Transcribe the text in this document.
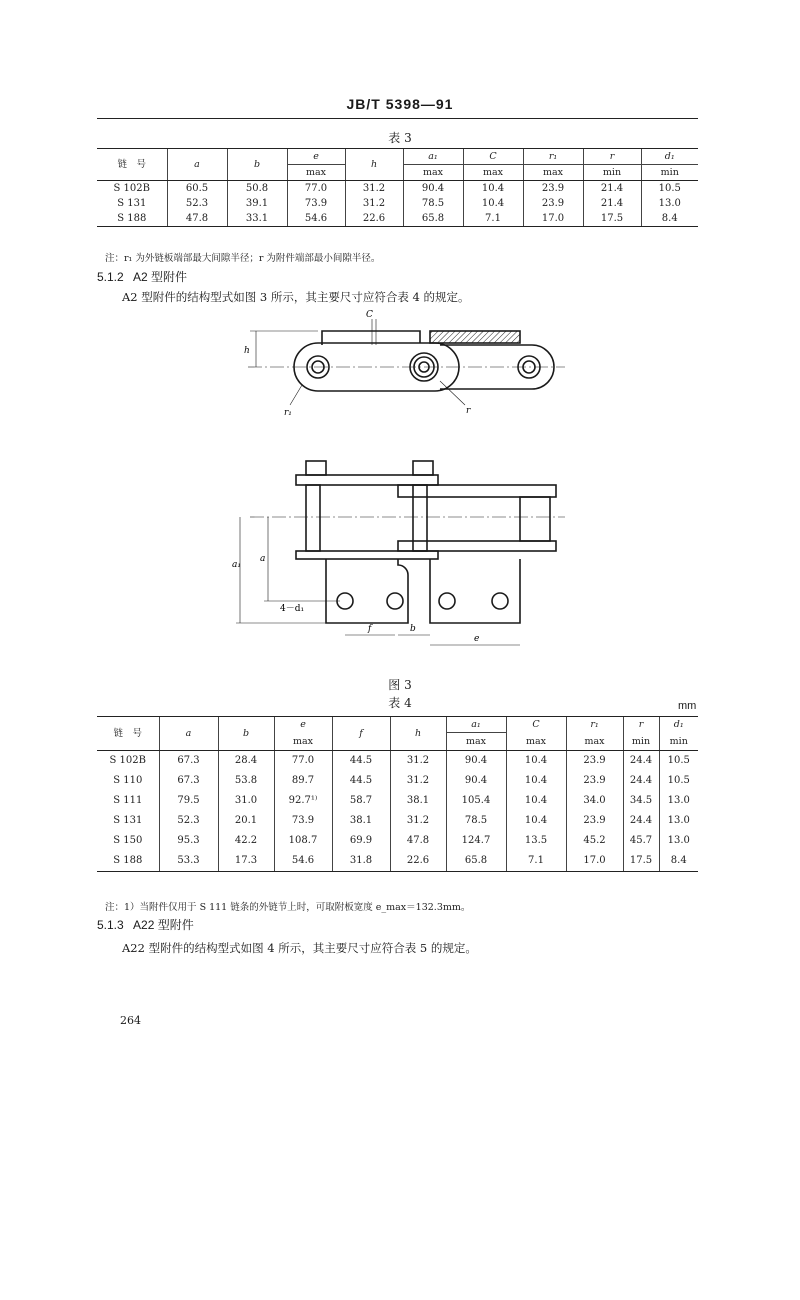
JB/T 5398—91
表 3
链　号	a	b	e	h	a₁	C	r₁	r	d₁
			max		max	max	max	min	min
S 102B	60.5	50.8	77.0	31.2	90.4	10.4	23.9	21.4	10.5
S 131	52.3	39.1	73.9	31.2	78.5	10.4	23.9	21.4	13.0
S 188	47.8	33.1	54.6	22.6	65.8	7.1	17.0	17.5	8.4
注：r₁ 为外链板端部最大间隙半径；r 为附件端部最小间隙半径。
5.1.2 A2 型附件
A2 型附件的结构型式如图 3 所示，其主要尺寸应符合表 4 的规定。
h
C
r₁	r
a₁
a
4－d₁
f	b
e
图 3
表 4	mm
链　号	a	b	e	f	h	a₁	C	r₁	r	d₁
			max			max	max	max	min	min
S 102B	67.3	28.4	77.0	44.5	31.2	90.4	10.4	23.9	24.4	10.5
S 110	67.3	53.8	89.7	44.5	31.2	90.4	10.4	23.9	24.4	10.5
S 111	79.5	31.0	92.7¹⁾	58.7	38.1	105.4	10.4	34.0	34.5	13.0
S 131	52.3	20.1	73.9	38.1	31.2	78.5	10.4	23.9	24.4	13.0
S 150	95.3	42.2	108.7	69.9	47.8	124.7	13.5	45.2	45.7	13.0
S 188	53.3	17.3	54.6	31.8	22.6	65.8	7.1	17.0	17.5	8.4
注：1）当附件仅用于 S 111 链条的外链节上时，可取附板宽度 e_max＝132.3mm。
5.1.3 A22 型附件
A22 型附件的结构型式如图 4 所示，其主要尺寸应符合表 5 的规定。
264
